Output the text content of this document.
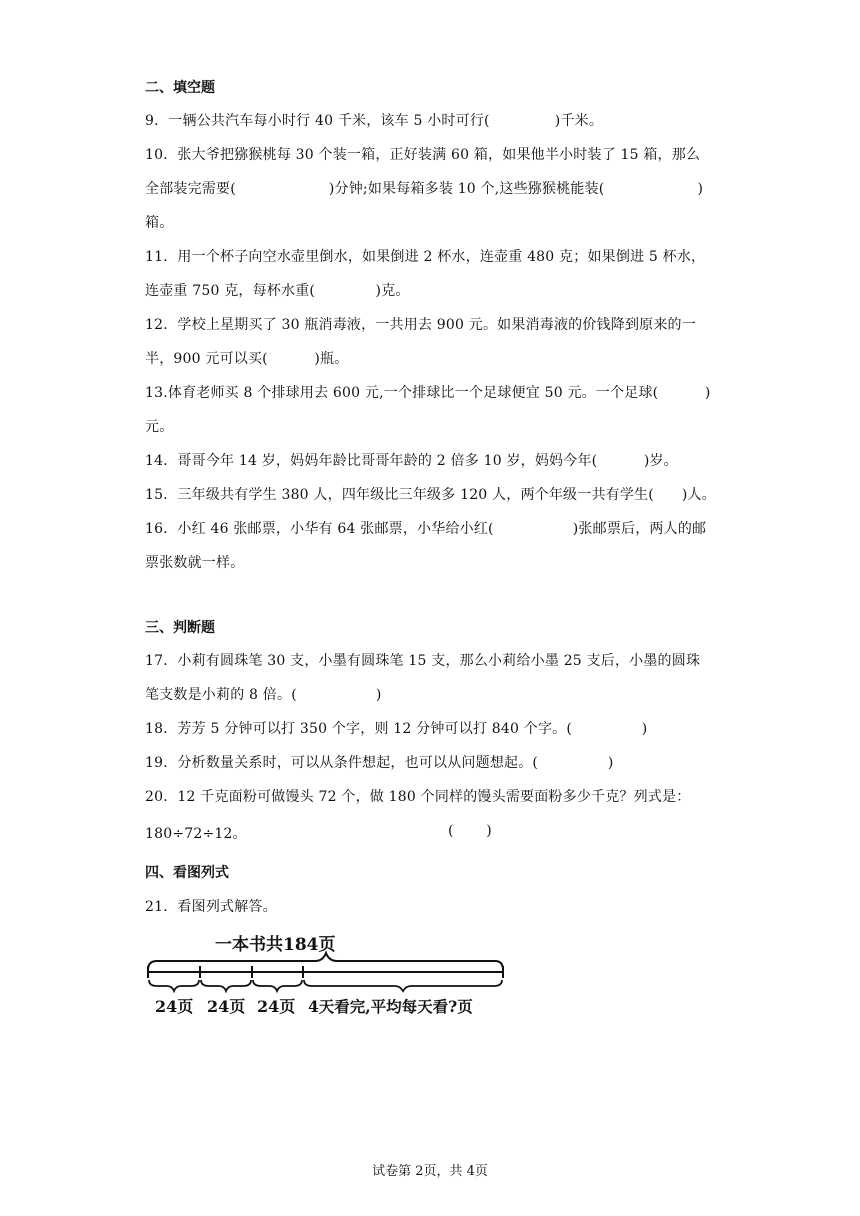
二、填空题
9．一辆公共汽车每小时行 40 千米，该车 5 小时可行(              )千米。
10．张大爷把猕猴桃每 30 个装一箱，正好装满 60 箱，如果他半小时装了 15 箱，那么
全部装完需要(                    )分钟;如果每箱多装 10 个,这些猕猴桃能装(                    )
箱。
11．用一个杯子向空水壶里倒水，如果倒进 2 杯水，连壶重 480 克；如果倒进 5 杯水，
连壶重 750 克，每杯水重(             )克。
12．学校上星期买了 30 瓶消毒液，一共用去 900 元。如果消毒液的价钱降到原来的一
半，900 元可以买(          )瓶。
13.体育老师买 8 个排球用去 600 元,一个排球比一个足球便宜 50 元。一个足球(          )
元。
14．哥哥今年 14 岁，妈妈年龄比哥哥年龄的 2 倍多 10 岁，妈妈今年(          )岁。
15．三年级共有学生 380 人，四年级比三年级多 120 人，两个年级一共有学生(      )人。
16．小红 46 张邮票，小华有 64 张邮票，小华给小红(                 )张邮票后，两人的邮
票张数就一样。
三、判断题
17．小莉有圆珠笔 30 支，小墨有圆珠笔 15 支，那么小莉给小墨 25 支后，小墨的圆珠
笔支数是小莉的 8 倍。(                 )
18．芳芳 5 分钟可以打 350 个字，则 12 分钟可以打 840 个字。(               )
19．分析数量关系时，可以从条件想起，也可以从问题想起。(               )
20．12 千克面粉可做馒头 72 个，做 180 个同样的馒头需要面粉多少千克？列式是：
180÷72÷12。	(       )
四、看图列式
21．看图列式解答。
一本书共184页
24页 24页 24页 4天看完,平均每天看?页
试卷第 2页，共 4页
